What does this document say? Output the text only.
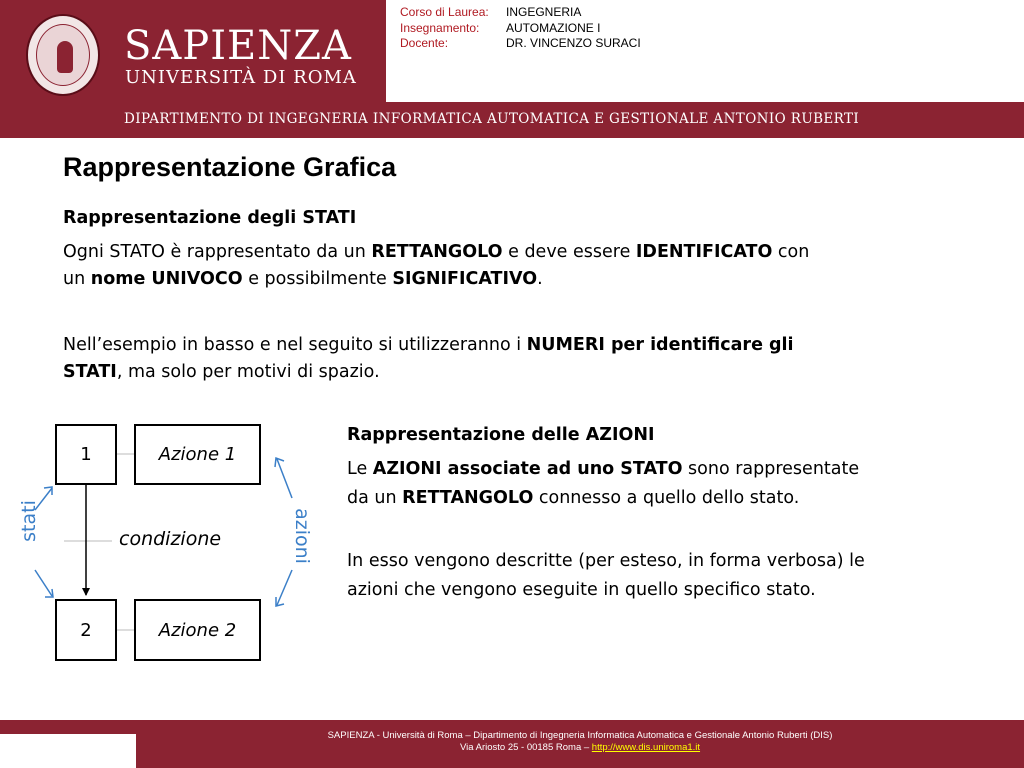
SAPIENZA
UNIVERSITÀ DI ROMA
Corso di Laurea:	INGEGNERIA
Insegnamento:	AUTOMAZIONE I
Docente:	DR. VINCENZO SURACI
DIPARTIMENTO DI INGEGNERIA INFORMATICA AUTOMATICA E GESTIONALE ANTONIO RUBERTI
Rappresentazione Grafica
Rappresentazione degli STATI
Ogni STATO è rappresentato da un RETTANGOLO e deve essere IDENTIFICATO con
un nome UNIVOCO e possibilmente SIGNIFICATIVO.
Nell’esempio in basso e nel seguito si utilizzeranno i NUMERI per identificare gli
STATI, ma solo per motivi di spazio.
Rappresentazione delle AZIONI
Le AZIONI associate ad uno STATO sono rappresentate
da un RETTANGOLO connesso a quello dello stato.
In esso vengono descritte (per esteso, in forma verbosa) le
azioni che vengono eseguite in quello specifico stato.
1	Azione 1
2	Azione 2
condizione
stati	azioni
SAPIENZA - Università di Roma – Dipartimento di Ingegneria Informatica Automatica e Gestionale Antonio Ruberti (DIS)
Via Ariosto 25 - 00185 Roma – http://www.dis.uniroma1.it
